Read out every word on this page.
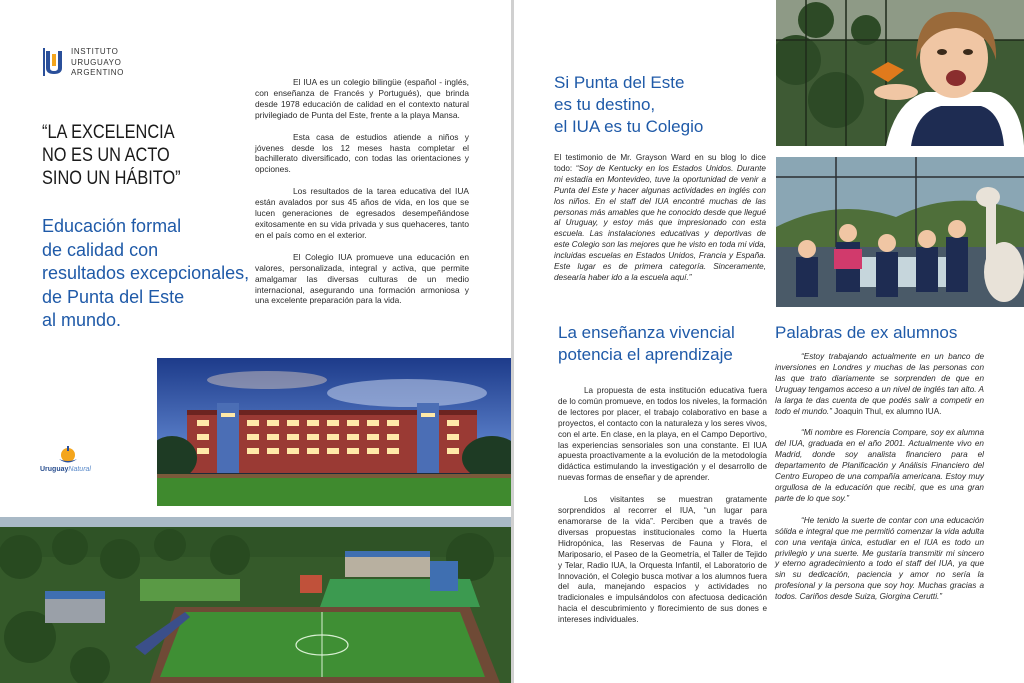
INSTITUTO
URUGUAYO
ARGENTINO
“LA EXCELENCIA
NO ES UN ACTO
SINO UN HÁBITO”
Educación formal
de calidad con
resultados excepcionales,
de Punta del Este
al mundo.

El IUA es un colegio bilingüe (español - inglés, con enseñanza de Francés y Portugués), que brinda desde 1978 educación de calidad en el contexto natural privilegiado de Punta del Este, frente a la playa Mansa.

Esta casa de estudios atiende a niños y jóvenes desde los 12 meses hasta completar el bachillerato diversificado, con todas las orientaciones y opciones.

Los resultados de la tarea educativa del IUA están avalados por sus 45 años de vida, en los que se lucen generaciones de egresados desempeñándose exitosamente en su vida privada y sus quehaceres, tanto en el país como en el exterior.

El Colegio IUA promueve una educación en valores, personalizada, integral y activa, que permite amalgamar las diversas culturas de un medio internacional, asegurando una formación armoniosa y una excelente preparación para la vida.

UruguayNatural
Si Punta del Este
es tu destino,
el IUA es tu Colegio
El testimonio de Mr. Grayson Ward en su blog lo dice todo: “Soy de Kentucky en los Estados Unidos. Durante mi estadía en Montevideo, tuve la oportunidad de venir a Punta del Este y hacer algunas actividades en inglés con los niños. En el staff del IUA encontré muchas de las personas más amables que he conocido desde que llegué al Uruguay, y estoy más que impresionado con esta escuela. Las instalaciones educativas y deportivas de este Colegio son las mejores que he visto en toda mi vida, incluidas escuelas en Estados Unidos, Francia y España. Este lugar es de primera categoría. Sinceramente, desearía haber ido a la escuela aquí.”
La enseñanza vivencial
potencia el aprendizaje
Palabras de ex alumnos

La propuesta de esta institución educativa fuera de lo común promueve, en todos los niveles, la formación de lectores por placer, el trabajo colaborativo en base a proyectos, el contacto con la naturaleza y los seres vivos, con el arte. En clase, en la playa, en el Campo Deportivo, las experiencias sensoriales son una constante. El IUA apuesta proactivamente a la evolución de la metodología didáctica estimulando la investigación y el desarrollo de nuevas formas de enseñar y de aprender.

Los visitantes se muestran gratamente sorprendidos al recorrer el IUA, “un lugar para enamorarse de la vida”. Perciben que a través de diversas propuestas institucionales como la Huerta Hidropónica, las Reservas de Fauna y Flora, el Mariposario, el Paseo de la Geometría, el Taller de Tejido y Telar, Radio IUA, la Orquesta Infantil, el Laboratorio de Innovación, el Colegio busca motivar a los alumnos fuera del aula, manejando espacios y actividades no tradicionales e impulsándolos con afectuosa dedicación hacia el descubrimiento y florecimiento de sus dones e intereses individuales.

“Estoy trabajando actualmente en un banco de inversiones en Londres y muchas de las personas con las que trato diariamente se sorprenden de que en Uruguay tengamos acceso a un nivel de inglés tan alto. A la larga te das cuenta de que podés salir a competir en todo el mundo.” Joaquin Thul, ex alumno IUA.

“Mi nombre es Florencia Compare, soy ex alumna del IUA, graduada en el año 2001. Actualmente vivo en Madrid, donde soy analista financiero para el departamento de Planificación y Análisis Financiero del Centro Europeo de una compañía americana. Estoy muy orgullosa de la educación que recibí, que es una gran parte de lo que soy.”

“He tenido la suerte de contar con una educación sólida e integral que me permitió comenzar la vida adulta con una ventaja única, estudiar en el IUA es todo un privilegio y una suerte. Me gustaría transmitir mi sincero y eterno agradecimiento a todo el staff del IUA, ya que sin su dedicación, paciencia y amor no sería la profesional y la persona que soy hoy. Muchas gracias a todos. Cariños desde Suiza, Giorgina Cerutti.”
